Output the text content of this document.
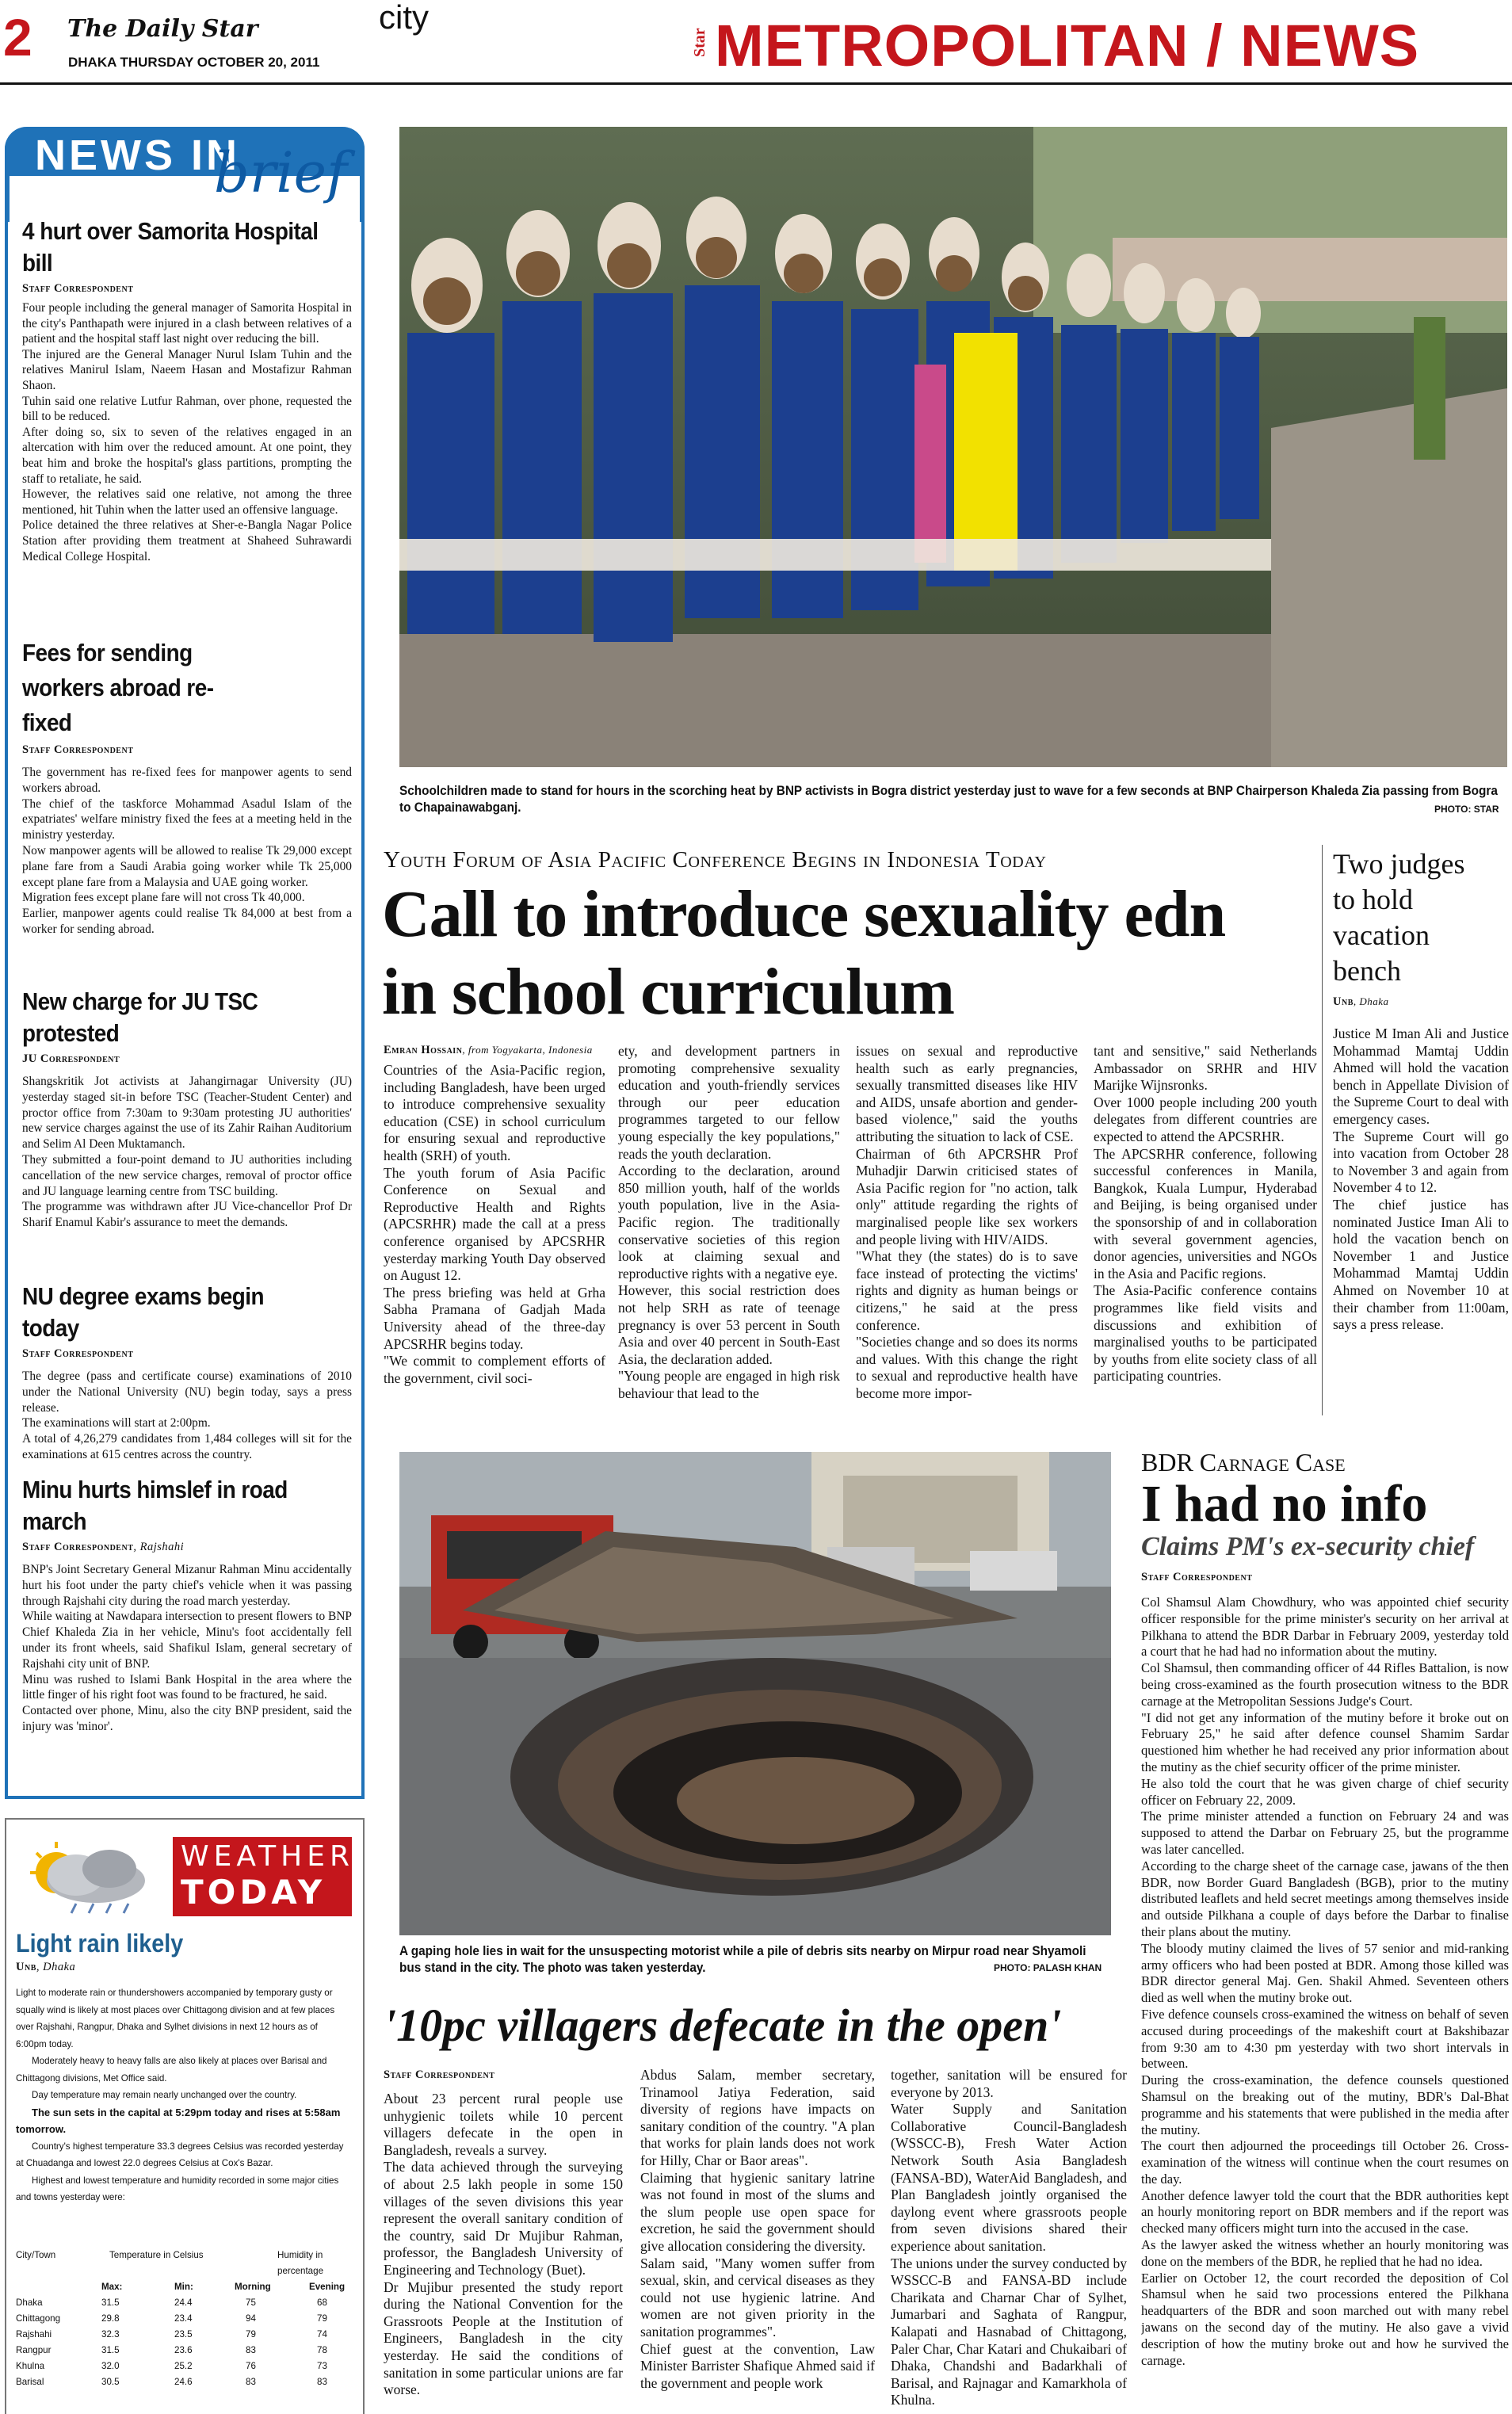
2 The Daily Star
DHAKA THURSDAY OCTOBER 20, 2011
city
Star METROPOLITAN / NEWS
NEWS IN
brief
4 hurt over Samorita Hospital bill
Staff Correspondent
Four people including the general manager of Samorita Hospital in the city's Panthapath were injured in a clash between relatives of a patient and the hospital staff last night over reducing the bill.
The injured are the General Manager Nurul Islam Tuhin and the relatives Manirul Islam, Naeem Hasan and Mostafizur Rahman Shaon.
Tuhin said one relative Lutfur Rahman, over phone, requested the bill to be reduced.
After doing so, six to seven of the relatives engaged in an altercation with him over the reduced amount. At one point, they beat him and broke the hospital's glass partitions, prompting the staff to retaliate, he said.
However, the relatives said one relative, not among the three mentioned, hit Tuhin when the latter used an offensive language.
Police detained the three relatives at Sher-e-Bangla Nagar Police Station after providing them treatment at Shaheed Suhrawardi Medical College Hospital.
Fees for sending workers abroad re-fixed
Staff Correspondent
The government has re-fixed fees for manpower agents to send workers abroad.
The chief of the taskforce Mohammad Asadul Islam of the expatriates' welfare ministry fixed the fees at a meeting held in the ministry yesterday.
Now manpower agents will be allowed to realise Tk 29,000 except plane fare from a Saudi Arabia going worker while Tk 25,000 except plane fare from a Malaysia and UAE going worker.
Migration fees except plane fare will not cross Tk 40,000.
Earlier, manpower agents could realise Tk 84,000 at best from a worker for sending abroad.
New charge for JU TSC protested
JU Correspondent
Shangskritik Jot activists at Jahangirnagar University (JU) yesterday staged sit-in before TSC (Teacher-Student Center) and proctor office from 7:30am to 9:30am protesting JU authorities' new service charges against the use of its Zahir Raihan Auditorium and Selim Al Deen Muktamanch.
They submitted a four-point demand to JU authorities including cancellation of the new service charges, removal of proctor office and JU language learning centre from TSC building.
The programme was withdrawn after JU Vice-chancellor Prof Dr Sharif Enamul Kabir's assurance to meet the demands.
NU degree exams begin today
Staff Correspondent
The degree (pass and certificate course) examinations of 2010 under the National University (NU) begin today, says a press release.
The examinations will start at 2:00pm.
A total of 4,26,279 candidates from 1,484 colleges will sit for the examinations at 615 centres across the country.
Minu hurts himslef in road march
Staff Correspondent, Rajshahi
BNP's Joint Secretary General Mizanur Rahman Minu accidentally hurt his foot under the party chief's vehicle when it was passing through Rajshahi city during the road march yesterday.
While waiting at Nawdapara intersection to present flowers to BNP Chief Khaleda Zia in her vehicle, Minu's foot accidentally fell under its front wheels, said Shafikul Islam, general secretary of Rajshahi city unit of BNP.
Minu was rushed to Islami Bank Hospital in the area where the little finger of his right foot was found to be fractured, he said.
Contacted over phone, Minu, also the city BNP president, said the injury was 'minor'.
WEATHER
TODAY
Light rain likely
Unb, Dhaka
Light to moderate rain or thundershowers accompanied by temporary gusty or squally wind is likely at most places over Chittagong division and at few places over Rajshahi, Rangpur, Dhaka and Sylhet divisions in next 12 hours as of 6:00pm today.
Moderately heavy to heavy falls are also likely at places over Barisal and Chittagong divisions, Met Office said.
Day temperature may remain nearly unchanged over the country.
The sun sets in the capital at 5:29pm today and rises at 5:58am tomorrow.
Country's highest temperature 33.3 degrees Celsius was recorded yesterday at Chuadanga and lowest 22.0 degrees Celsius at Cox's Bazar.
Highest and lowest temperature and humidity recorded in some major cities and towns yesterday were:
City/Town	Temperature in Celsius	Humidity in percentage
Max:	Min:	Morning	Evening
Dhaka	31.5	24.4	75	68
Chittagong	29.8	23.4	94	79
Rajshahi	32.3	23.5	79	74
Rangpur	31.5	23.6	83	78
Khulna	32.0	25.2	76	73
Barisal	30.5	24.6	83	83
Schoolchildren made to stand for hours in the scorching heat by BNP activists in Bogra district yesterday just to wave for a few seconds at BNP Chairperson Khaleda Zia passing from Bogra to Chapainawabganj.	PHOTO: STAR
Youth Forum of Asia Pacific Conference Begins in Indonesia Today
Call to introduce sexuality edn
in school curriculum
Emran Hossain, from Yogyakarta, Indonesia
Countries of the Asia-Pacific region, including Bangladesh, have been urged to introduce comprehensive sexuality education (CSE) in school curriculum for ensuring sexual and reproductive health (SRH) of youth.
The youth forum of Asia Pacific Conference on Sexual and Reproductive Health and Rights (APCSRHR) made the call at a press conference organised by APCSRHR yesterday marking Youth Day observed on August 12.
The press briefing was held at Grha Sabha Pramana of Gadjah Mada University ahead of the three-day APCSRHR begins today.
"We commit to complement efforts of the government, civil soci-
ety, and development partners in promoting comprehensive sexuality education and youth-friendly services through our peer education programmes targeted to our fellow young especially the key populations," reads the youth declaration.
According to the declaration, around 850 million youth, half of the worlds youth population, live in the Asia-Pacific region. The traditionally conservative societies of this region look at claiming sexual and reproductive rights with a negative eye.
However, this social restriction does not help SRH as rate of teenage pregnancy is over 53 percent in South Asia and over 40 percent in South-East Asia, the declaration added.
"Young people are engaged in high risk behaviour that lead to the
issues on sexual and reproductive health such as early pregnancies, sexually transmitted diseases like HIV and AIDS, unsafe abortion and gender-based violence," said the youths attributing the situation to lack of CSE.
Chairman of 6th APCRSHR Prof Muhadjir Darwin criticised states of Asia Pacific region for "no action, talk only" attitude regarding the rights of marginalised people like sex workers and people living with HIV/AIDS.
"What they (the states) do is to save face instead of protecting the victims' rights and dignity as human beings or citizens," he said at the press conference.
"Societies change and so does its norms and values. With this change the right to sexual and reproductive health have become more impor-
tant and sensitive," said Netherlands Ambassador on SRHR and HIV Marijke Wijnsronks.
Over 1000 people including 200 youth delegates from different countries are expected to attend the APCSRHR.
The APCSRHR conference, following successful conferences in Manila, Bangkok, Kuala Lumpur, Hyderabad and Beijing, is being organised under the sponsorship of and in collaboration with several government agencies, donor agencies, universities and NGOs in the Asia and Pacific regions.
The Asia-Pacific conference contains programmes like field visits and discussions and exhibition of marginalised youths to be participated by youths from elite society class of all participating countries.
Two judges to hold vacation bench
Unb, Dhaka
Justice M Iman Ali and Justice Mohammad Mamtaj Uddin Ahmed will hold the vacation bench in Appellate Division of the Supreme Court to deal with emergency cases.
The Supreme Court will go into vacation from October 28 to November 3 and again from November 4 to 12.
The chief justice has nominated Justice Iman Ali to hold the vacation bench on November 1 and Justice Mohammad Mamtaj Uddin Ahmed on November 10 at their chamber from 11:00am, says a press release.
A gaping hole lies in wait for the unsuspecting motorist while a pile of debris sits nearby on Mirpur road near Shyamoli bus stand in the city. The photo was taken yesterday.	PHOTO: PALASH KHAN
'10pc villagers defecate in the open'
Staff Correspondent
About 23 percent rural people use unhygienic toilets while 10 percent villagers defecate in the open in Bangladesh, reveals a survey.
The data achieved through the surveying of about 2.5 lakh people in some 150 villages of the seven divisions this year represent the overall sanitary condition of the country, said Dr Mujibur Rahman, professor, the Bangladesh University of Engineering and Technology (Buet).
Dr Mujibur presented the study report during the National Convention for the Grassroots People at the Institution of Engineers, Bangladesh in the city yesterday. He said the conditions of sanitation in some particular unions are far worse.
Abdus Salam, member secretary, Trinamool Jatiya Federation, said diversity of regions have impacts on sanitary condition of the country. "A plan that works for plain lands does not work for Hilly, Char or Baor areas".
Claiming that hygienic sanitary latrine was not found in most of the slums and the slum people use open space for excretion, he said the government should give allocation considering the diversity.
Salam said, "Many women suffer from sexual, skin, and cervical diseases as they could not use hygienic latrine. And women are not given priority in the sanitation programmes".
Chief guest at the convention, Law Minister Barrister Shafique Ahmed said if the government and people work
together, sanitation will be ensured for everyone by 2013.
Water Supply and Sanitation Collaborative Council-Bangladesh (WSSCC-B), Fresh Water Action Network South Asia Bangladesh (FANSA-BD), WaterAid Bangladesh, and Plan Bangladesh jointly organised the daylong event where grassroots people from seven divisions shared their experience about sanitation.
The unions under the survey conducted by WSSCC-B and FANSA-BD include Charikata and Charnar Char of Sylhet, Jumarbari and Saghata of Rangpur, Kalapati and Hasnabad of Chittagong, Paler Char, Char Katari and Chukaibari of Dhaka, Chandshi and Badarkhali of Barisal, and Rajnagar and Kamarkhola of Khulna.
BDR Carnage Case
I had no info
Claims PM's ex-security chief
Staff Correspondent
Col Shamsul Alam Chowdhury, who was appointed chief security officer responsible for the prime minister's security on her arrival at Pilkhana to attend the BDR Darbar in February 2009, yesterday told a court that he had had no information about the mutiny.
Col Shamsul, then commanding officer of 44 Rifles Battalion, is now being cross-examined as the fourth prosecution witness to the BDR carnage at the Metropolitan Sessions Judge's Court.
"I did not get any information of the mutiny before it broke out on February 25," he said after defence counsel Shamim Sardar questioned him whether he had received any prior information about the mutiny as the chief security officer of the prime minister.
He also told the court that he was given charge of chief security officer on February 22, 2009.
The prime minister attended a function on February 24 and was supposed to attend the Darbar on February 25, but the programme was later cancelled.
According to the charge sheet of the carnage case, jawans of the then BDR, now Border Guard Bangladesh (BGB), prior to the mutiny distributed leaflets and held secret meetings among themselves inside and outside Pilkhana a couple of days before the Darbar to finalise their plans about the mutiny.
The bloody mutiny claimed the lives of 57 senior and mid-ranking army officers who had been posted at BDR. Among those killed was BDR director general Maj. Gen. Shakil Ahmed. Seventeen others died as well when the mutiny broke out.
Five defence counsels cross-examined the witness on behalf of seven accused during proceedings of the makeshift court at Bakshibazar from 9:30 am to 4:30 pm yesterday with two short intervals in between.
During the cross-examination, the defence counsels questioned Shamsul on the breaking out of the mutiny, BDR's Dal-Bhat programme and his statements that were published in the media after the mutiny.
The court then adjourned the proceedings till October 26. Cross-examination of the witness will continue when the court resumes on the day.
Another defence lawyer told the court that the BDR authorities kept an hourly monitoring report on BDR members and if the report was checked many officers might turn into the accused in the case.
As the lawyer asked the witness whether an hourly monitoring was done on the members of the BDR, he replied that he had no idea.
Earlier on October 12, the court recorded the deposition of Col Shamsul when he said two processions entered the Pilkhana headquarters of the BDR and soon marched out with many rebel jawans on the second day of the mutiny. He also gave a vivid description of how the mutiny broke out and how he survived the carnage.
